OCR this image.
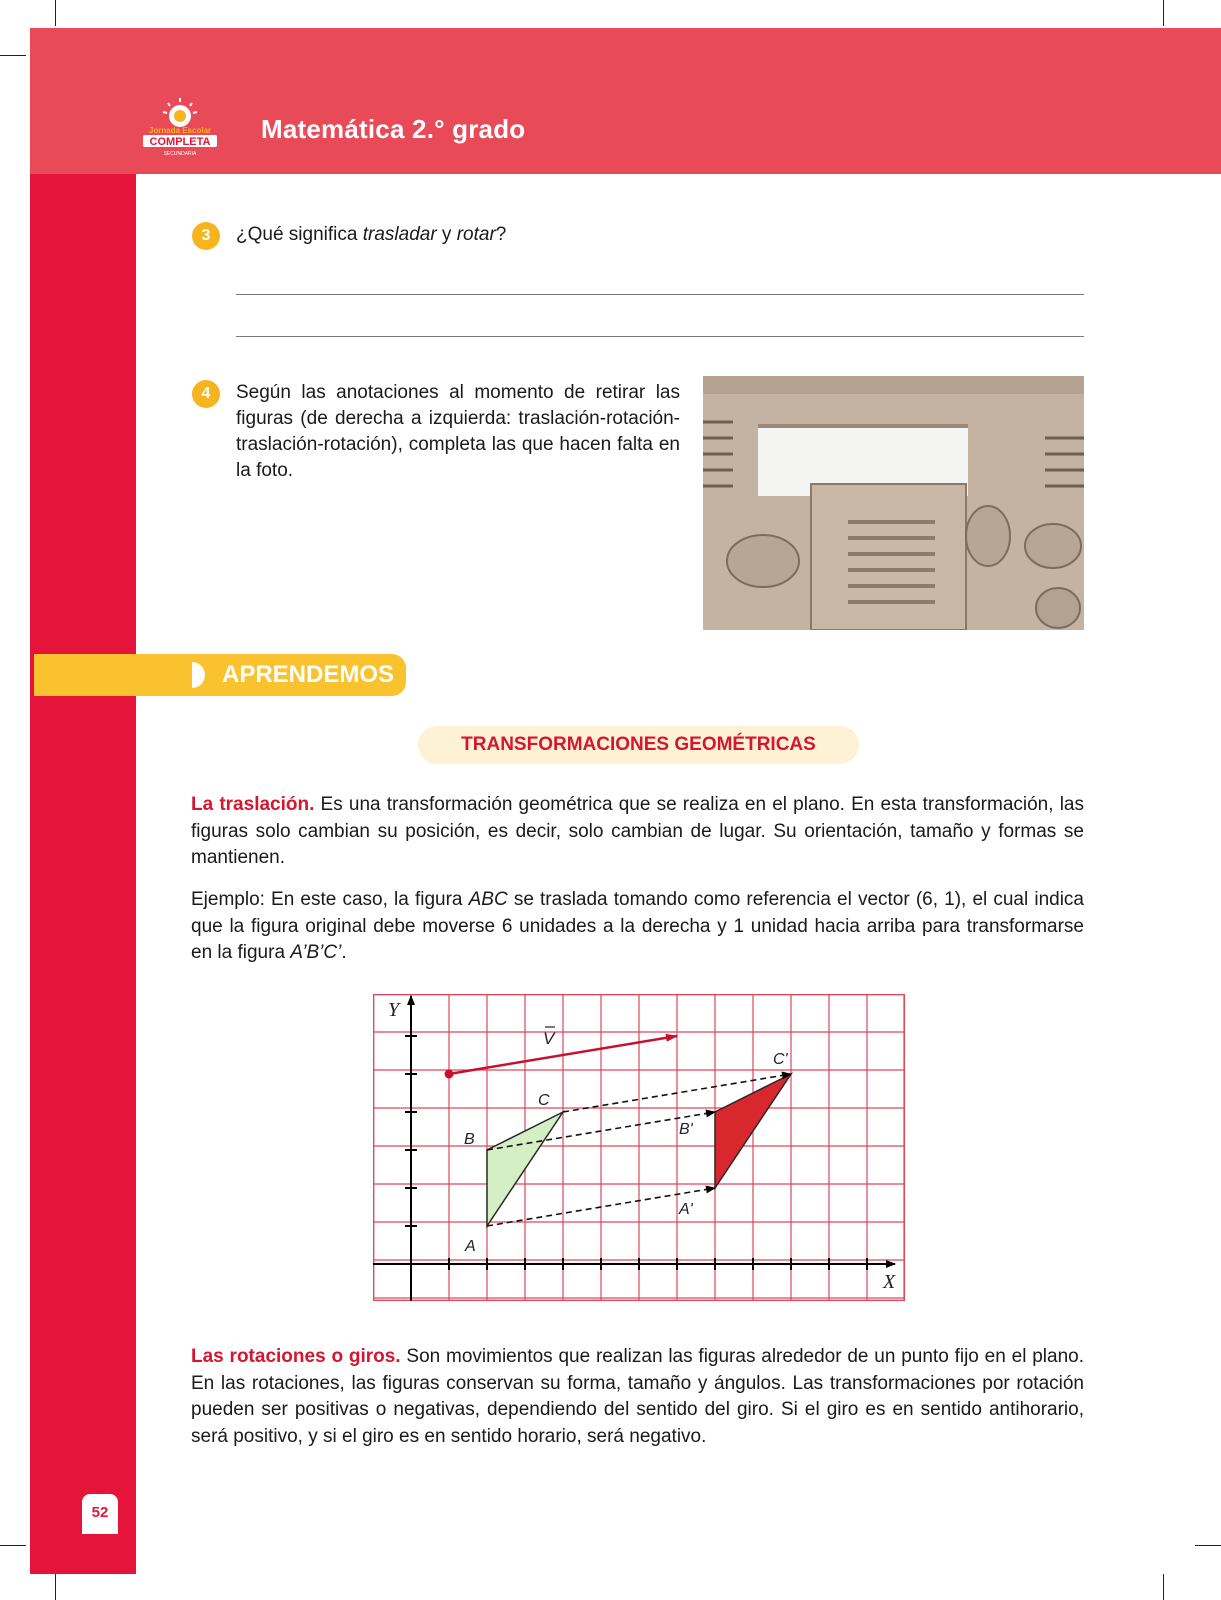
Jornada Escolar
COMPLETA
SECUNDARIA
Matemática 2.° grado
3	¿Qué significa trasladar y rotar?
4	Según las anotaciones al momento de retirar las figuras (de derecha a izquierda: traslación-rotación-traslación-rotación), completa las que hacen falta en la foto.
APRENDEMOS
TRANSFORMACIONES GEOMÉTRICAS
La traslación. Es una transformación geométrica que se realiza en el plano. En esta transformación, las figuras solo cambian su posición, es decir, solo cambian de lugar. Su orientación, tamaño y formas se mantienen.
Ejemplo: En este caso, la figura ABC se traslada tomando como referencia el vector (6, 1), el cual indica que la figura original debe moverse 6 unidades a la derecha y 1 unidad hacia arriba para transformarse en la figura A’B’C’.
X
Y
V
A
B
C
A'
B'
C'
Las rotaciones o giros. Son movimientos que realizan las figuras alrededor de un punto fijo en el plano. En las rotaciones, las figuras conservan su forma, tamaño y ángulos. Las transformaciones por rotación pueden ser positivas o negativas, dependiendo del sentido del giro. Si el giro es en sentido antihorario, será positivo, y si el giro es en sentido horario, será negativo.
52
